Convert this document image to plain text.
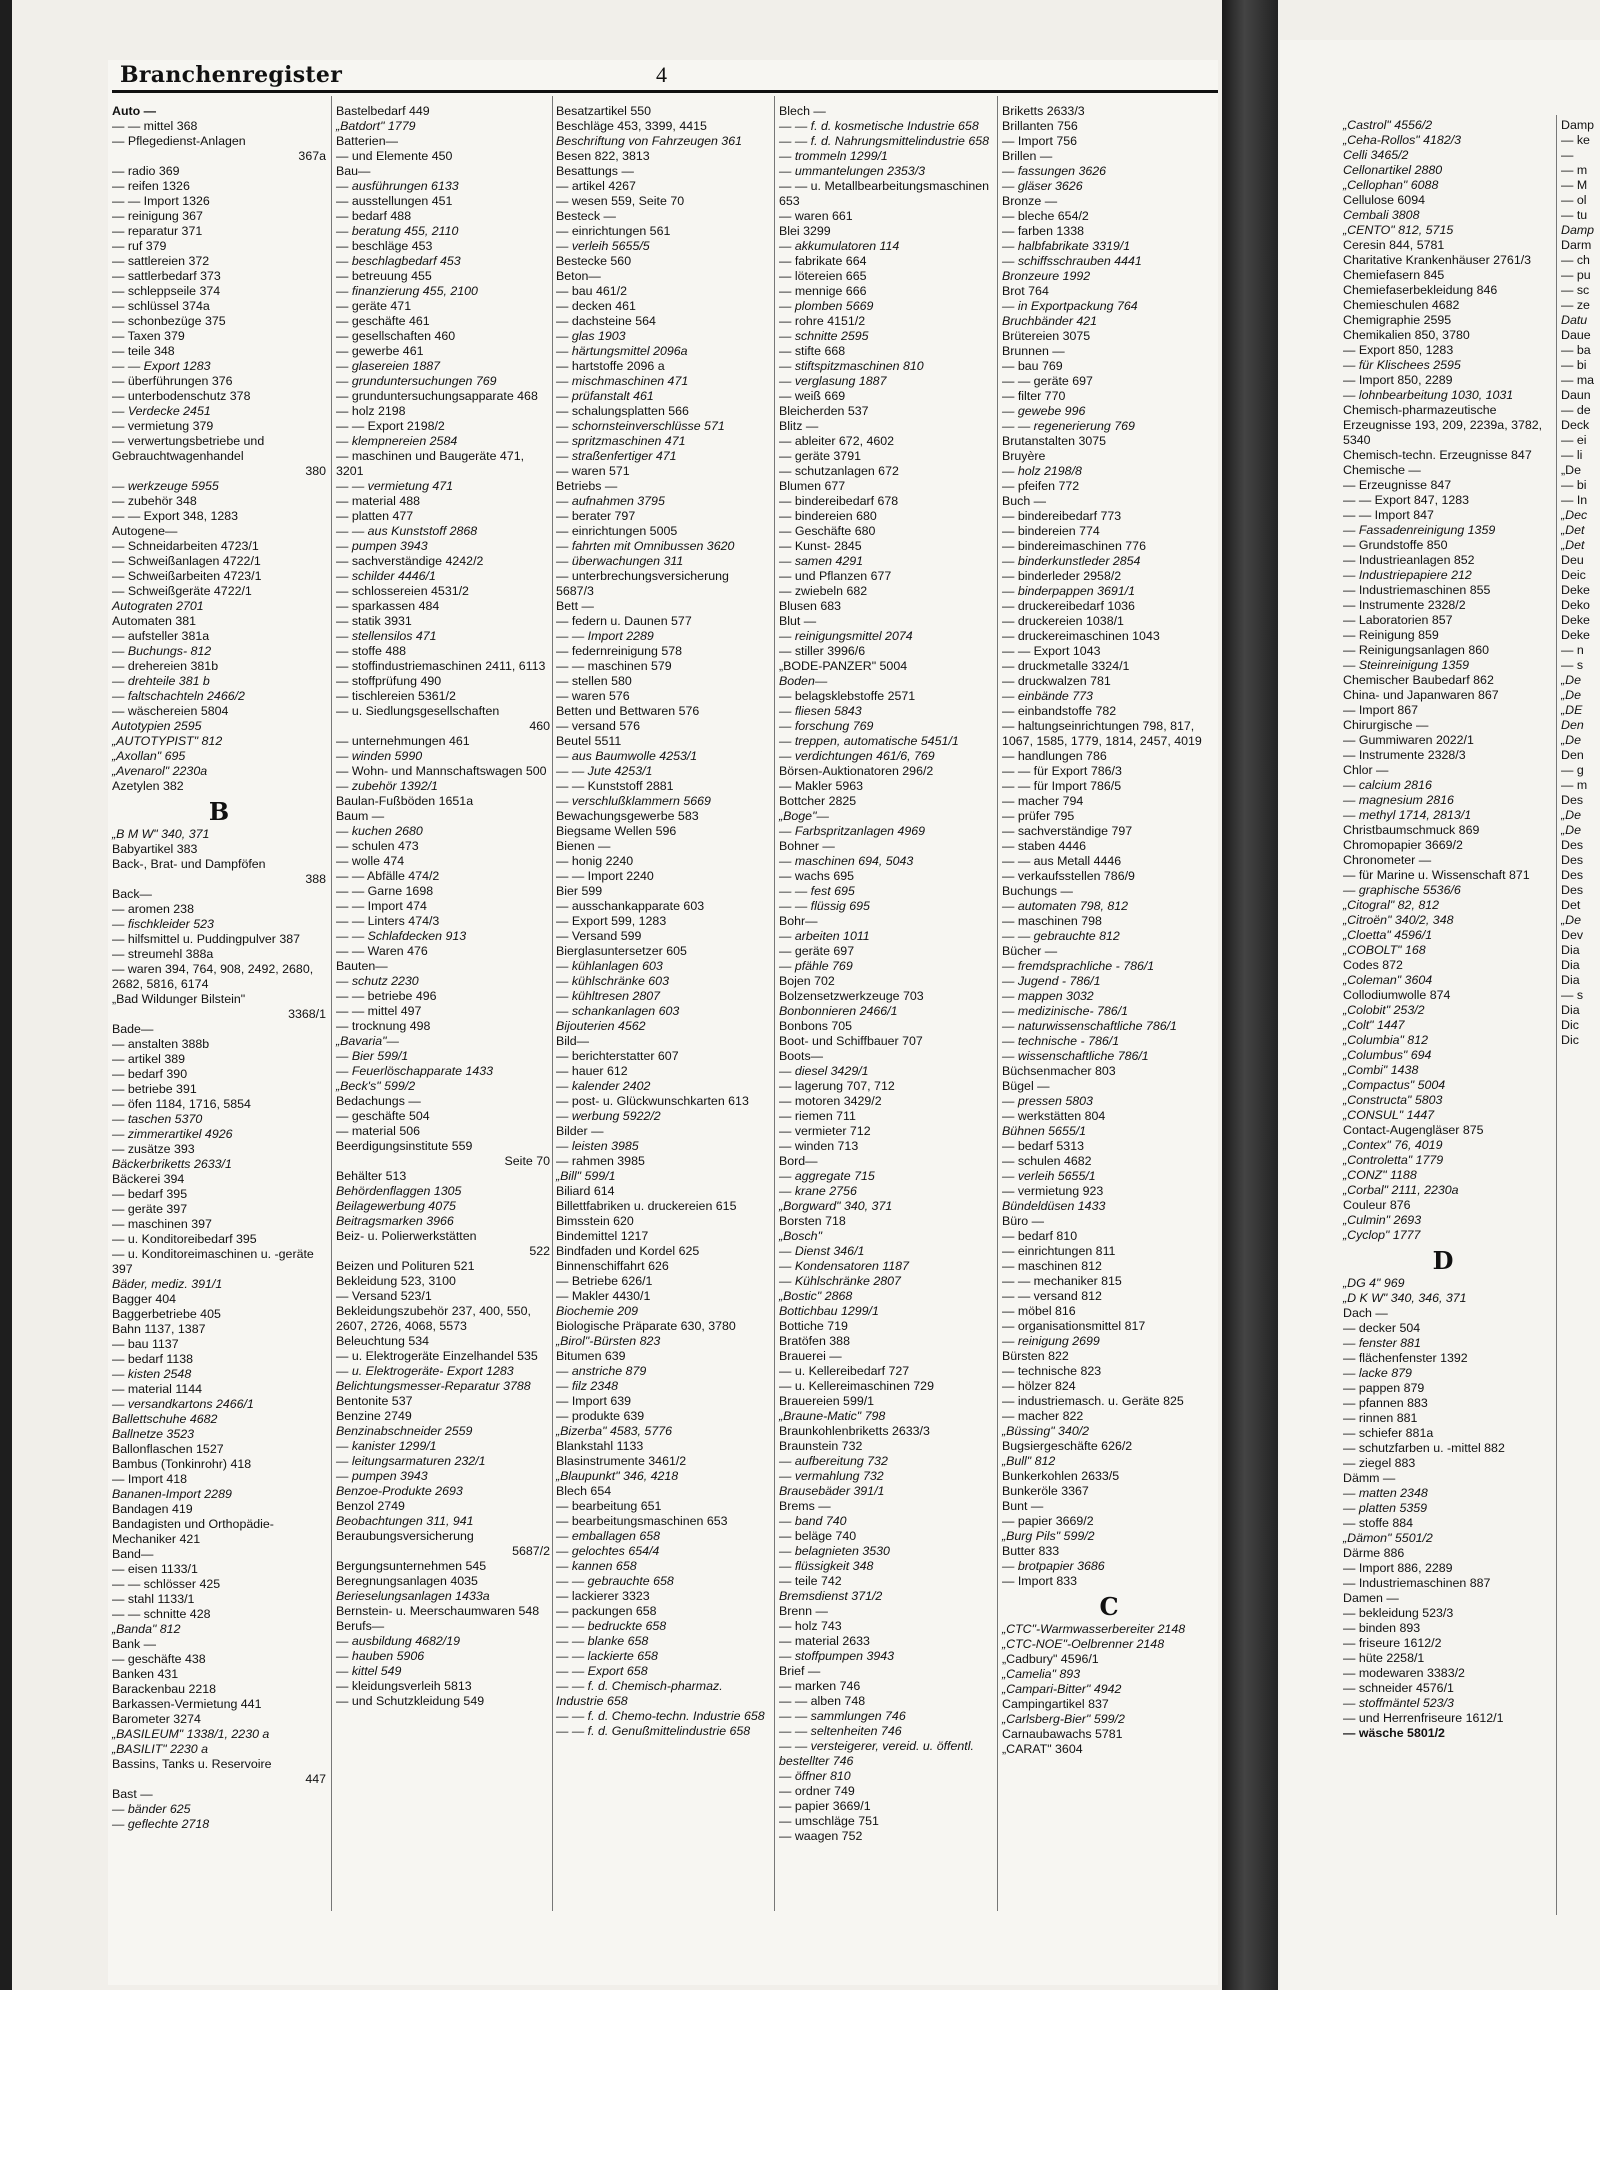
Branchenregister	4
Auto —
— — mittel 368
— Pflegedienst-Anlagen
367a
— radio 369
— reifen 1326
— — Import 1326
— reinigung 367
— reparatur 371
— ruf 379
— sattlereien 372
— sattlerbedarf 373
— schleppseile 374
— schlüssel 374a
— schonbezüge 375
— Taxen 379
— teile 348
— — Export 1283
— überführungen 376
— unterbodenschutz 378
— Verdecke 2451
— vermietung 379
— verwertungsbetriebe und Gebrauchtwagenhandel
380
— werkzeuge 5955
— zubehör 348
— — Export 348, 1283
Autogene—
— Schneidarbeiten 4723/1
— Schweißanlagen 4722/1
— Schweißarbeiten 4723/1
— Schweißgeräte 4722/1
Autograten 2701
Automaten 381
— aufsteller 381a
— Buchungs- 812
— drehereien 381b
— drehteile 381 b
— faltschachteln 2466/2
— wäschereien 5804
Autotypien 2595
„AUTOTYPIST" 812
„Axollan" 695
„Avenarol" 2230a
Azetylen 382
B
„B M W" 340, 371
Babyartikel 383
Back-, Brat- und Dampföfen
388
Back—
— aromen 238
— fischkleider 523
— hilfsmittel u. Puddingpulver 387
— streumehl 388a
— waren 394, 764, 908, 2492, 2680, 2682, 5816, 6174
„Bad Wildunger Bilstein"
3368/1
Bade—
— anstalten 388b
— artikel 389
— bedarf 390
— betriebe 391
— öfen 1184, 1716, 5854
— taschen 5370
— zimmerartikel 4926
— zusätze 393
Bäckerbriketts 2633/1
Bäckerei 394
— bedarf 395
— geräte 397
— maschinen 397
— u. Konditoreibedarf 395
— u. Konditoreimaschinen u. -geräte 397
Bäder, mediz. 391/1
Bagger 404
Baggerbetriebe 405
Bahn 1137, 1387
— bau 1137
— bedarf 1138
— kisten 2548
— material 1144
— versandkartons 2466/1
Ballettschuhe 4682
Ballnetze 3523
Ballonflaschen 1527
Bambus (Tonkinrohr) 418
— Import 418
Bananen-Import 2289
Bandagen 419
Bandagisten und Orthopädie-Mechaniker 421
Band—
— eisen 1133/1
— — schlösser 425
— stahl 1133/1
— — schnitte 428
„Banda" 812
Bank —
— geschäfte 438
Banken 431
Barackenbau 2218
Barkassen-Vermietung 441
Barometer 3274
„BASILEUM" 1338/1, 2230 a
„BASILIT" 2230 a
Bassins, Tanks u. Reservoire
447
Bast —
— bänder 625
— geflechte 2718
Bastelbedarf 449
„Batdort" 1779
Batterien—
— und Elemente 450
Bau—
— ausführungen 6133
— ausstellungen 451
— bedarf 488
— beratung 455, 2110
— beschläge 453
— beschlagbedarf 453
— betreuung 455
— finanzierung 455, 2100
— geräte 471
— geschäfte 461
— gesellschaften 460
— gewerbe 461
— glasereien 1887
— grunduntersuchungen 769
— grunduntersuchungsapparate 468
— holz 2198
— — Export 2198/2
— klempnereien 2584
— maschinen und Baugeräte 471, 3201
— — vermietung 471
— material 488
— platten 477
— — aus Kunststoff 2868
— pumpen 3943
— sachverständige 4242/2
— schilder 4446/1
— schlossereien 4531/2
— sparkassen 484
— statik 3931
— stellensilos 471
— stoffe 488
— stoffindustriemaschinen 2411, 6113
— stoffprüfung 490
— tischlereien 5361/2
— u. Siedlungsgesellschaften
460
— unternehmungen 461
— winden 5990
— Wohn- und Mannschaftswagen 500
— zubehör 1392/1
Baulan-Fußböden 1651a
Baum —
— kuchen 2680
— schulen 473
— wolle 474
— — Abfälle 474/2
— — Garne 1698
— — Import 474
— — Linters 474/3
— — Schlafdecken 913
— — Waren 476
Bauten—
— schutz 2230
— — betriebe 496
— — mittel 497
— trocknung 498
„Bavaria"—
— Bier 599/1
— Feuerlöschapparate 1433
„Beck's" 599/2
Bedachungs —
— geschäfte 504
— material 506
Beerdigungsinstitute 559
Seite 70
Behälter 513
Behördenflaggen 1305
Beilagewerbung 4075
Beitragsmarken 3966
Beiz- u. Polierwerkstätten
522
Beizen und Polituren 521
Bekleidung 523, 3100
— Versand 523/1
Bekleidungszubehör 237, 400, 550, 2607, 2726, 4068, 5573
Beleuchtung 534
— u. Elektrogeräte Einzelhandel 535
— u. Elektrogeräte- Export 1283
Belichtungsmesser-Reparatur 3788
Bentonite 537
Benzine 2749
Benzinabschneider 2559
— kanister 1299/1
— leitungsarmaturen 232/1
— pumpen 3943
Benzoe-Produkte 2693
Benzol 2749
Beobachtungen 311, 941
Beraubungsversicherung
5687/2
Bergungsunternehmen 545
Beregnungsanlagen 4035
Berieselungsanlagen 1433a
Bernstein- u. Meerschaumwaren 548
Berufs—
— ausbildung 4682/19
— hauben 5906
— kittel 549
— kleidungsverleih 5813
— und Schutzkleidung 549
Besatzartikel 550
Beschläge 453, 3399, 4415
Beschriftung von Fahrzeugen 361
Besen 822, 3813
Besattungs —
— artikel 4267
— wesen 559, Seite 70
Besteck —
— einrichtungen 561
— verleih 5655/5
Bestecke 560
Beton—
— bau 461/2
— decken 461
— dachsteine 564
— glas 1903
— härtungsmittel 2096a
— hartstoffe 2096 a
— mischmaschinen 471
— prüfanstalt 461
— schalungsplatten 566
— schornsteinverschlüsse 571
— spritzmaschinen 471
— straßenfertiger 471
— waren 571
Betriebs —
— aufnahmen 3795
— berater 797
— einrichtungen 5005
— fahrten mit Omnibussen 3620
— überwachungen 311
— unterbrechungsversicherung 5687/3
Bett —
— federn u. Daunen 577
— — Import 2289
— federnreinigung 578
— — maschinen 579
— stellen 580
— waren 576
Betten und Bettwaren 576
— versand 576
Beutel 5511
— aus Baumwolle 4253/1
— — Jute 4253/1
— — Kunststoff 2881
— verschlußklammern 5669
Bewachungsgewerbe 583
Biegsame Wellen 596
Bienen —
— honig 2240
— — Import 2240
Bier 599
— ausschankapparate 603
— Export 599, 1283
— Versand 599
Bierglasuntersetzer 605
— kühlanlagen 603
— kühlschränke 603
— kühltresen 2807
— schankanlagen 603
Bijouterien 4562
Bild—
— berichterstatter 607
— hauer 612
— kalender 2402
— post- u. Glückwunschkarten 613
— werbung 5922/2
Bilder —
— leisten 3985
— rahmen 3985
„Bill" 599/1
Biliard 614
Billettfabriken u. druckereien 615
Bimsstein 620
Bindemittel 1217
Bindfaden und Kordel 625
Binnenschiffahrt 626
— Betriebe 626/1
— Makler 4430/1
Biochemie 209
Biologische Präparate 630, 3780
„Birol"-Bürsten 823
Bitumen 639
— anstriche 879
— filz 2348
— Import 639
— produkte 639
„Bizerba" 4583, 5776
Blankstahl 1133
Blasinstrumente 3461/2
„Blaupunkt" 346, 4218
Blech 654
— bearbeitung 651
— bearbeitungsmaschinen 653
— emballagen 658
— gelochtes 654/4
— kannen 658
— — gebrauchte 658
— lackierer 3323
— packungen 658
— — bedruckte 658
— — blanke 658
— — lackierte 658
— — Export 658
— — f. d. Chemisch-pharmaz. Industrie 658
— — f. d. Chemo-techn. Industrie 658
— — f. d. Genußmittelindustrie 658
Blech —
— — f. d. kosmetische Industrie 658
— — f. d. Nahrungsmittelindustrie 658
— trommeln 1299/1
— ummantelungen 2353/3
— — u. Metallbearbeitungsmaschinen 653
— waren 661
Blei 3299
— akkumulatoren 114
— fabrikate 664
— lötereien 665
— mennige 666
— plomben 5669
— rohre 4151/2
— schnitte 2595
— stifte 668
— stiftspitzmaschinen 810
— verglasung 1887
— weiß 669
Bleicherden 537
Blitz —
— ableiter 672, 4602
— geräte 3791
— schutzanlagen 672
Blumen 677
— bindereibedarf 678
— bindereien 680
— Geschäfte 680
— Kunst- 2845
— samen 4291
— und Pflanzen 677
— zwiebeln 682
Blusen 683
Blut —
— reinigungsmittel 2074
— stiller 3996/6
„BODE-PANZER" 5004
Boden—
— belagsklebstoffe 2571
— fliesen 5843
— forschung 769
— treppen, automatische 5451/1
— verdichtungen 461/6, 769
Börsen-Auktionatoren 296/2
— Makler 5963
Bottcher 2825
„Boge"—
— Farbspritzanlagen 4969
Bohner —
— maschinen 694, 5043
— wachs 695
— — fest 695
— — flüssig 695
Bohr—
— arbeiten 1011
— geräte 697
— pfähle 769
Bojen 702
Bolzensetzwerkzeuge 703
Bonbonnieren 2466/1
Bonbons 705
Boot- und Schiffbauer 707
Boots—
— diesel 3429/1
— lagerung 707, 712
— motoren 3429/2
— riemen 711
— vermieter 712
— winden 713
Bord—
— aggregate 715
— krane 2756
„Borgward" 340, 371
Borsten 718
„Bosch"
— Dienst 346/1
— Kondensatoren 1187
— Kühlschränke 2807
„Bostic" 2868
Bottichbau 1299/1
Bottiche 719
Bratöfen 388
Brauerei —
— u. Kellereibedarf 727
— u. Kellereimaschinen 729
Brauereien 599/1
„Braune-Matic" 798
Braunkohlenbriketts 2633/3
Braunstein 732
— aufbereitung 732
— vermahlung 732
Brausebäder 391/1
Brems —
— band 740
— beläge 740
— belagnieten 3530
— flüssigkeit 348
— teile 742
Bremsdienst 371/2
Brenn —
— holz 743
— material 2633
— stoffpumpen 3943
Brief —
— marken 746
— — alben 748
— — sammlungen 746
— — seltenheiten 746
— — versteigerer, vereid. u. öffentl. bestellter 746
— öffner 810
— ordner 749
— papier 3669/1
— umschläge 751
— waagen 752
Briketts 2633/3
Brillanten 756
— Import 756
Brillen —
— fassungen 3626
— gläser 3626
Bronze —
— bleche 654/2
— farben 1338
— halbfabrikate 3319/1
— schiffsschrauben 4441
Bronzeure 1992
Brot 764
— in Exportpackung 764
Bruchbänder 421
Brütereien 3075
Brunnen —
— bau 769
— — geräte 697
— filter 770
— gewebe 996
— — regenerierung 769
Brutanstalten 3075
Bruyère
— holz 2198/8
— pfeifen 772
Buch —
— bindereibedarf 773
— bindereien 774
— bindereimaschinen 776
— binderkunstleder 2854
— binderleder 2958/2
— binderpappen 3691/1
— druckereibedarf 1036
— druckereien 1038/1
— druckereimaschinen 1043
— — Export 1043
— druckmetalle 3324/1
— druckwalzen 781
— einbände 773
— einbandstoffe 782
— haltungseinrichtungen 798, 817, 1067, 1585, 1779, 1814, 2457, 4019
— handlungen 786
— — für Export 786/3
— — für Import 786/5
— macher 794
— prüfer 795
— sachverständige 797
— staben 4446
— — aus Metall 4446
— verkaufsstellen 786/9
Buchungs —
— automaten 798, 812
— maschinen 798
— — gebrauchte 812
Bücher —
— fremdsprachliche - 786/1
— Jugend - 786/1
— mappen 3032
— medizinische- 786/1
— naturwissenschaftliche 786/1
— technische - 786/1
— wissenschaftliche 786/1
Büchsenmacher 803
Bügel —
— pressen 5803
— werkstätten 804
Bühnen 5655/1
— bedarf 5313
— schulen 4682
— verleih 5655/1
— vermietung 923
Bündeldüsen 1433
Büro —
— bedarf 810
— einrichtungen 811
— maschinen 812
— — mechaniker 815
— — versand 812
— möbel 816
— organisationsmittel 817
— reinigung 2699
Bürsten 822
— technische 823
— hölzer 824
— industriemasch. u. Geräte 825
— macher 822
„Büssing" 340/2
Bugsiergeschäfte 626/2
„Bull" 812
Bunkerkohlen 2633/5
Bunkeröle 3367
Bunt —
— papier 3669/2
„Burg Pils" 599/2
Butter 833
— brotpapier 3686
— Import 833
C
„CTC"-Warmwasserbereiter 2148
„CTC-NOE"-Oelbrenner 2148
„Cadbury" 4596/1
„Camelia" 893
„Campari-Bitter" 4942
Campingartikel 837
„Carlsberg-Bier" 599/2
Carnaubawachs 5781
„CARAT" 3604
„Castrol" 4556/2
„Ceha-Rollos" 4182/3
Celli 3465/2
Cellonartikel 2880
„Cellophan" 6088
Cellulose 6094
Cembali 3808
„CENTO" 812, 5715
Ceresin 844, 5781
Charitative Krankenhäuser 2761/3
Chemiefasern 845
Chemiefaserbekleidung 846
Chemieschulen 4682
Chemigraphie 2595
Chemikalien 850, 3780
— Export 850, 1283
— für Klischees 2595
— Import 850, 2289
— lohnbearbeitung 1030, 1031
Chemisch-pharmazeutische Erzeugnisse 193, 209, 2239a, 3782, 5340
Chemisch-techn. Erzeugnisse 847
Chemische —
— Erzeugnisse 847
— — Export 847, 1283
— — Import 847
— Fassadenreinigung 1359
— Grundstoffe 850
— Industrieanlagen 852
— Industriepapiere 212
— Industriemaschinen 855
— Instrumente 2328/2
— Laboratorien 857
— Reinigung 859
— Reinigungsanlagen 860
— Steinreinigung 1359
Chemischer Baubedarf 862
China- und Japanwaren 867
— Import 867
Chirurgische —
— Gummiwaren 2022/1
— Instrumente 2328/3
Chlor —
— calcium 2816
— magnesium 2816
— methyl 1714, 2813/1
Christbaumschmuck 869
Chromopapier 3669/2
Chronometer —
— für Marine u. Wissenschaft 871
— graphische 5536/6
„Citogral" 82, 812
„Citroën" 340/2, 348
„Cloetta" 4596/1
„COBOLT" 168
Codes 872
„Coleman" 3604
Collodiumwolle 874
„Colobit" 253/2
„Colt" 1447
„Columbia" 812
„Columbus" 694
„Combi" 1438
„Compactus" 5004
„Constructa" 5803
„CONSUL" 1447
Contact-Augengläser 875
„Contex" 76, 4019
„Controletta" 1779
„CONZ" 1188
„Corbal" 2111, 2230a
Couleur 876
„Culmin" 2693
„Cyclop" 1777
D
„DG 4" 969
„D K W" 340, 346, 371
Dach —
— decker 504
— fenster 881
— flächenfenster 1392
— lacke 879
— pappen 879
— pfannen 883
— rinnen 881
— schiefer 881a
— schutzfarben u. -mittel 882
— ziegel 883
Dämm —
— matten 2348
— platten 5359
— stoffe 884
„Dämon" 5501/2
Därme 886
— Import 886, 2289
— Industriemaschinen 887
Damen —
— bekleidung 523/3
— binden 893
— friseure 1612/2
— hüte 2258/1
— modewaren 3383/2
— schneider 4576/1
— stoffmäntel 523/3
— und Herrenfriseure 1612/1
— wäsche 5801/2
Damp
— ke
—
— m
— M
— ol
— tu
Damp
Darm
— ch
— pu
— sc
— ze
Datu
Daue
— ba
— bi
— ma
Daun
— de
Deck
— ei
— li
„De
— bi
— In
„Dec
„Det
„Det
Deu
Deic
Deke
Deko
Deke
Deke
— n
— s
„De
„De
„DE
Den
„De
Den
— g
— m
Des
„De
„De
Des
Des
Des
Des
Det
„De
Dev
Dia
Dia
Dia
— s
Dia
Dic
Dic
